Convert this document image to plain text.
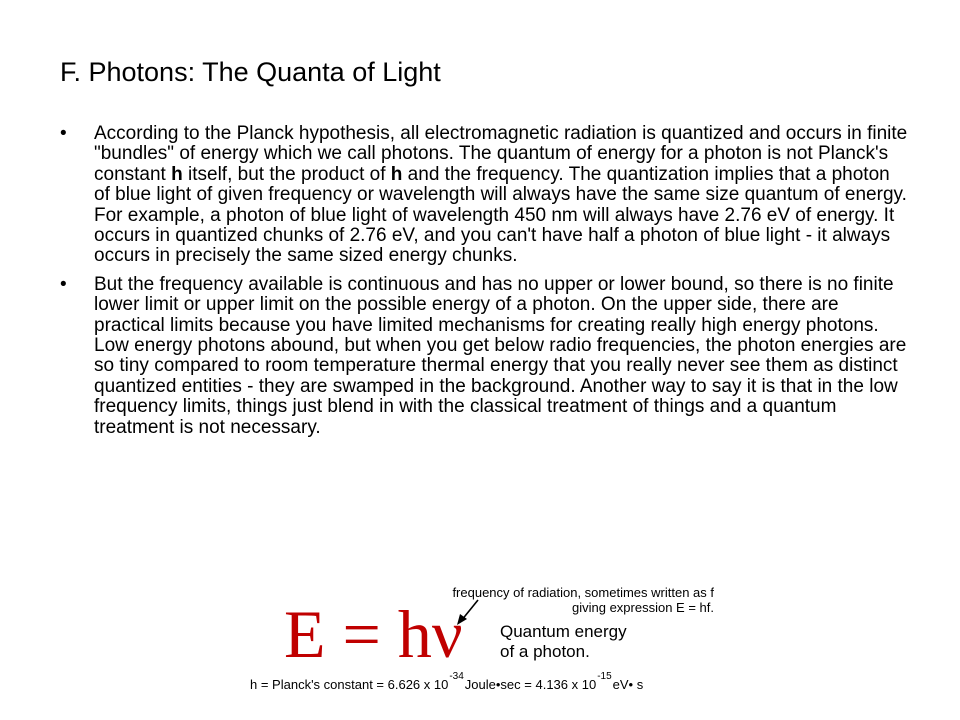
F. Photons: The Quanta of Light
•	According to the Planck hypothesis, all electromagnetic radiation is quantized and occurs in finite "bundles" of energy which we call photons. The quantum of energy for a photon is not Planck's constant h itself, but the product of h and the frequency. The quantization implies that a photon of blue light of given frequency or wavelength will always have the same size quantum of energy. For example, a photon of blue light of wavelength 450 nm will always have 2.76 eV of energy. It occurs in quantized chunks of 2.76 eV, and you can't have half a photon of blue light - it always occurs in precisely the same sized energy chunks.
•	But the frequency available is continuous and has no upper or lower bound, so there is no finite lower limit or upper limit on the possible energy of a photon. On the upper side, there are practical limits because you have limited mechanisms for creating really high energy photons. Low energy photons abound, but when you get below radio frequencies, the photon energies are so tiny compared to room temperature thermal energy that you really never see them as distinct quantized entities - they are swamped in the background. Another way to say it is that in the low frequency limits, things just blend in with the classical treatment of things and a quantum treatment is not necessary.
frequency of radiation, sometimes written as f
giving expression E = hf.
E = hν Quantum energy
of a photon.
h = Planck's constant = 6.626 x 10-34Joule•sec = 4.136 x 10-15eV• s
